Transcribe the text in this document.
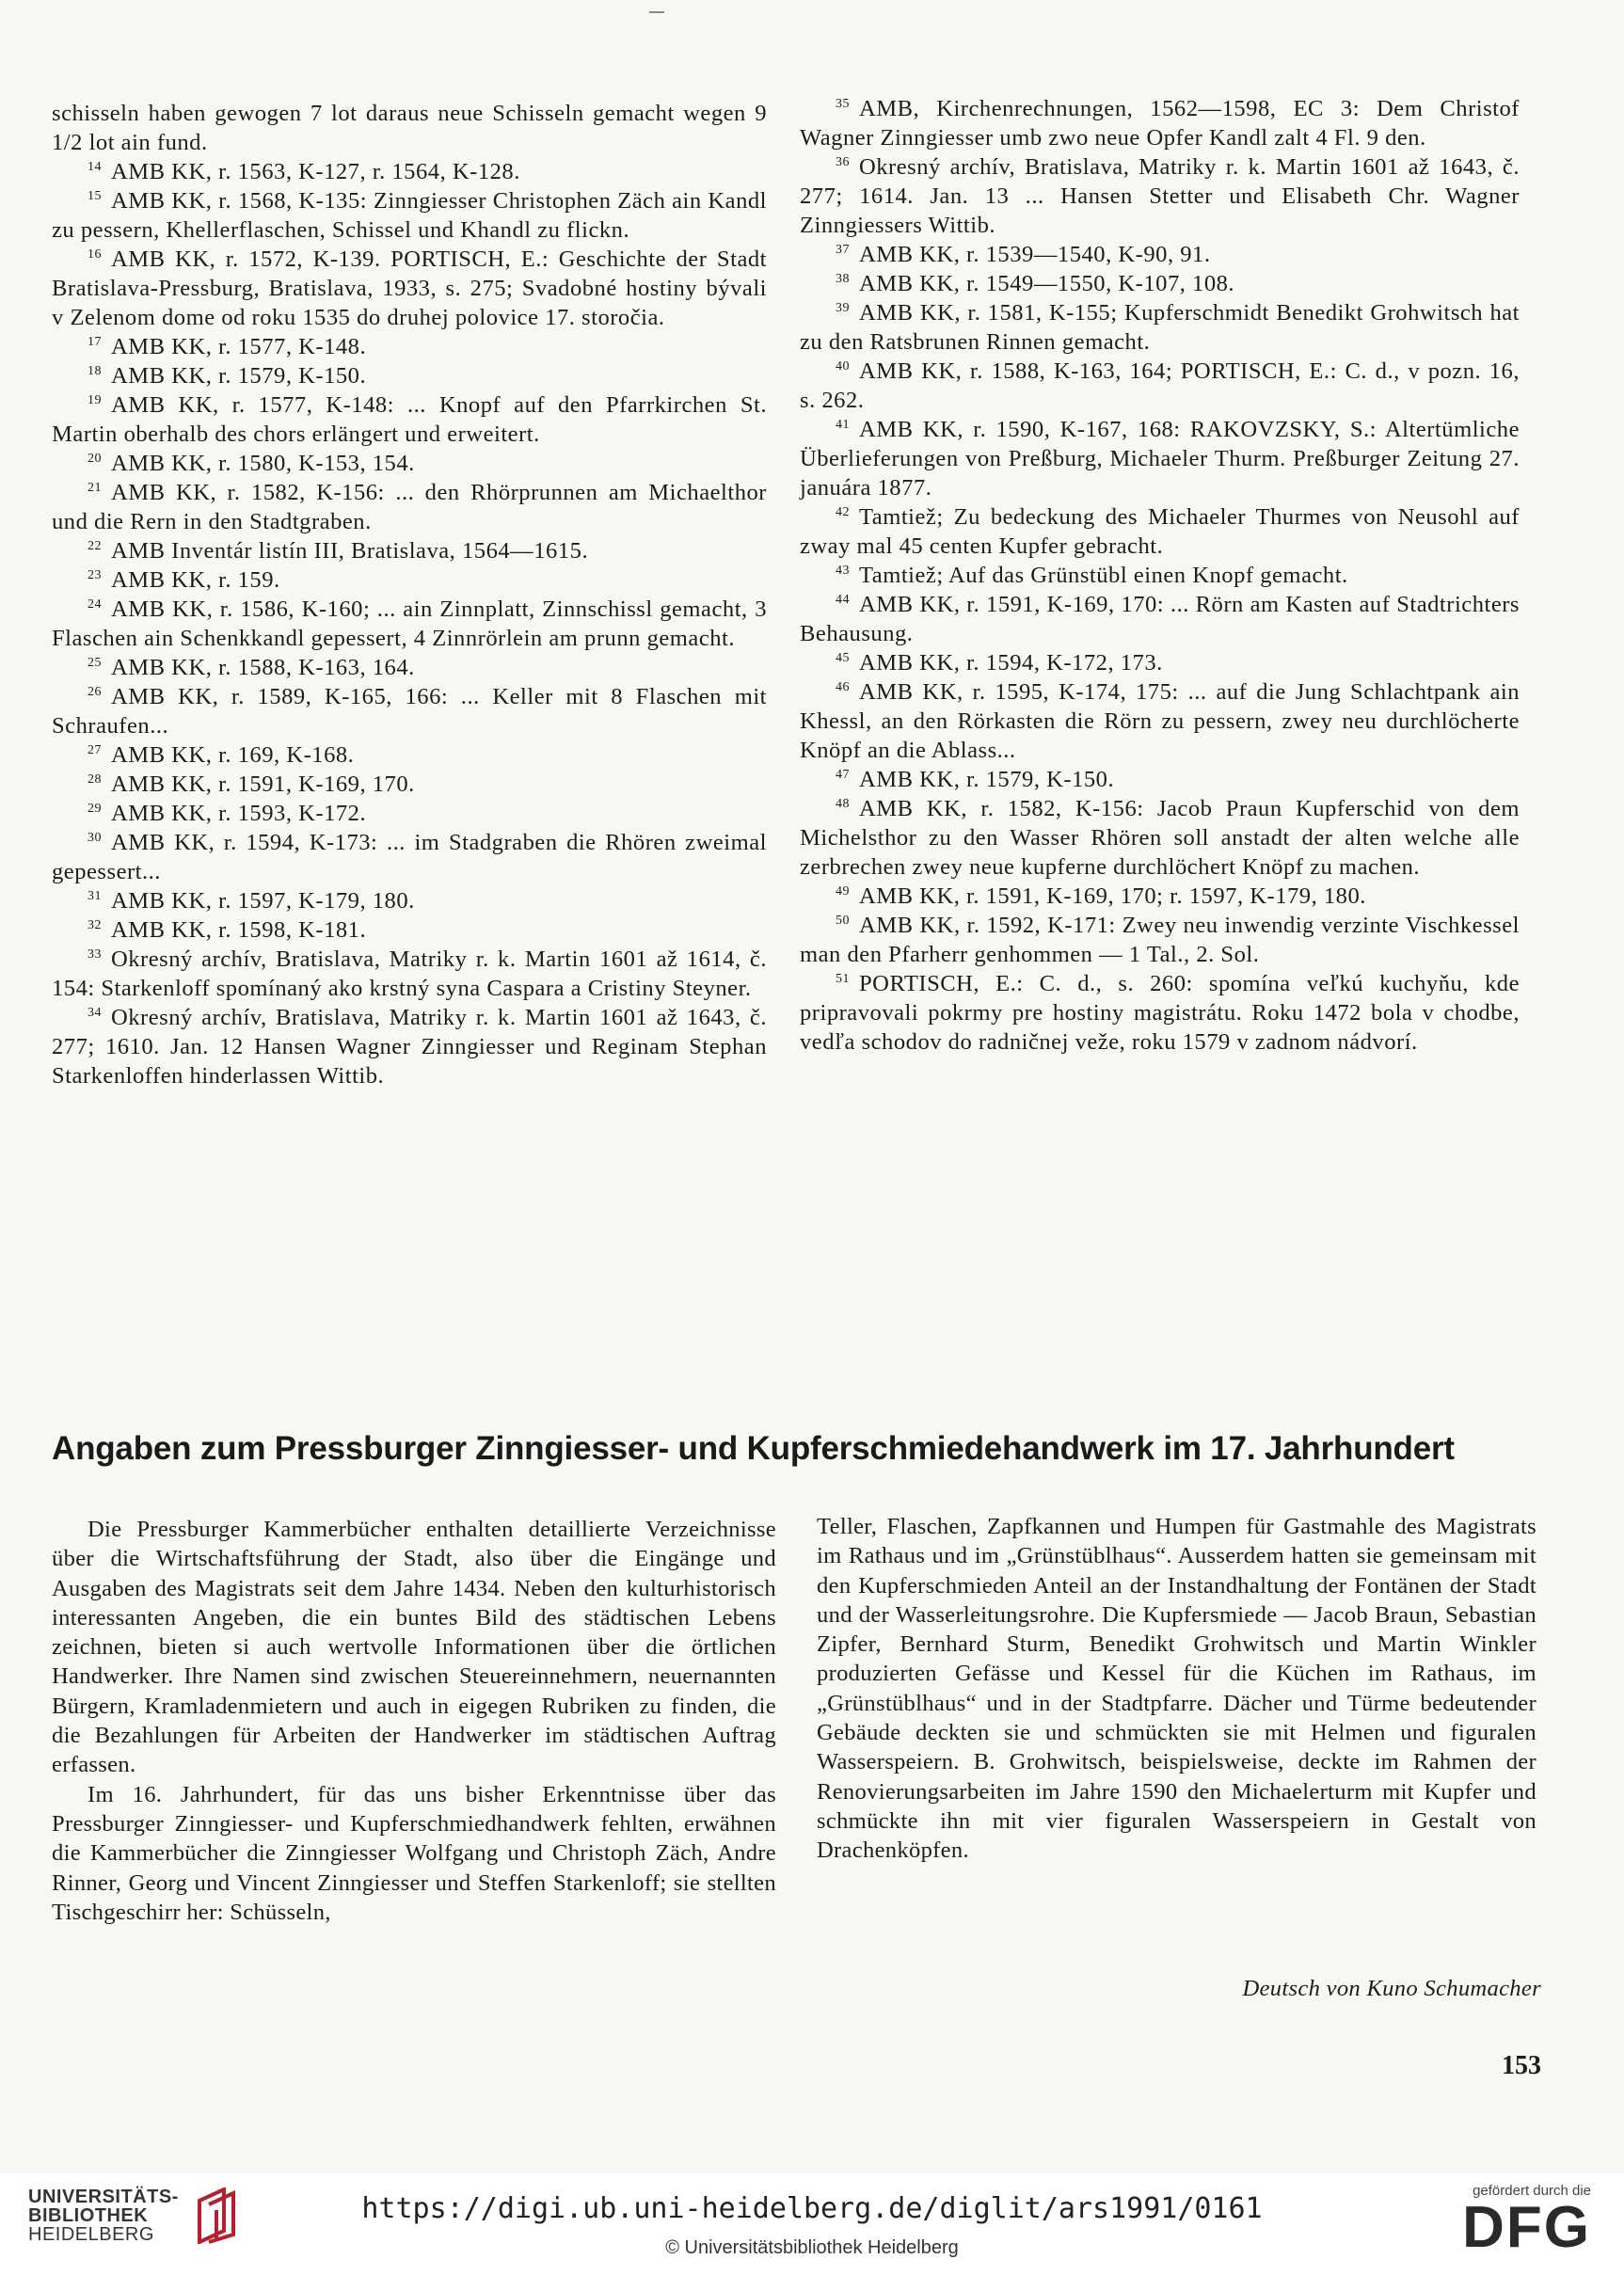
schisseln haben gewogen 7 lot daraus neue Schisseln gemacht wegen 9 1/2 lot ain fund.
$^{14}$ AMB KK, r. 1563, K-127, r. 1564, K-128.
$^{15}$ AMB KK, r. 1568, K-135: Zinngiesser Christophen Zäch ain Kandl zu pessern, Khellerflaschen, Schissel und Khandl zu flickn.
$^{16}$ AMB KK, r. 1572, K-139. PORTISCH, E.: Geschichte der Stadt Bratislava-Pressburg, Bratislava, 1933, s. 275; Svadobné hostiny bývali v Zelenom dome od roku 1535 do druhej polovice 17. storočia.
$^{17}$ AMB KK, r. 1577, K-148.
$^{18}$ AMB KK, r. 1579, K-150.
$^{19}$ AMB KK, r. 1577, K-148: ... Knopf auf den Pfarrkirchen St. Martin oberhalb des chors erlängert und erweitert.
$^{20}$ AMB KK, r. 1580, K-153, 154.
$^{21}$ AMB KK, r. 1582, K-156: ... den Rhörprunnen am Michaelthor und die Rern in den Stadtgraben.
$^{22}$ AMB Inventár listín III, Bratislava, 1564—1615.
$^{23}$ AMB KK, r. 159.
$^{24}$ AMB KK, r. 1586, K-160; ... ain Zinnplatt, Zinnschissl gemacht, 3 Flaschen ain Schenkkandl gepessert, 4 Zinnrörlein am prunn gemacht.
$^{25}$ AMB KK, r. 1588, K-163, 164.
$^{26}$ AMB KK, r. 1589, K-165, 166: ... Keller mit 8 Flaschen mit Schraufen...
$^{27}$ AMB KK, r. 169, K-168.
$^{28}$ AMB KK, r. 1591, K-169, 170.
$^{29}$ AMB KK, r. 1593, K-172.
$^{30}$ AMB KK, r. 1594, K-173: ... im Stadgraben die Rhören zweimal gepessert...
$^{31}$ AMB KK, r. 1597, K-179, 180.
$^{32}$ AMB KK, r. 1598, K-181.
$^{33}$ Okresný archív, Bratislava, Matriky r. k. Martin 1601 až 1614, č. 154: Starkenloff spomínaný ako krstný syna Caspara a Cristiny Steyner.
$^{34}$ Okresný archív, Bratislava, Matriky r. k. Martin 1601 až 1643, č. 277; 1610. Jan. 12 Hansen Wagner Zinngiesser und Reginam Stephan Starkenloffen hinderlassen Wittib.
$^{35}$ AMB, Kirchenrechnungen, 1562—1598, EC 3: Dem Christof Wagner Zinngiesser umb zwo neue Opfer Kandl zalt 4 Fl. 9 den.
$^{36}$ Okresný archív, Bratislava, Matriky r. k. Martin 1601 až 1643, č. 277; 1614. Jan. 13 ... Hansen Stetter und Elisabeth Chr. Wagner Zinngiessers Wittib.
$^{37}$ AMB KK, r. 1539—1540, K-90, 91.
$^{38}$ AMB KK, r. 1549—1550, K-107, 108.
$^{39}$ AMB KK, r. 1581, K-155; Kupferschmidt Benedikt Grohwitsch hat zu den Ratsbrunen Rinnen gemacht.
$^{40}$ AMB KK, r. 1588, K-163, 164; PORTISCH, E.: C. d., v pozn. 16, s. 262.
$^{41}$ AMB KK, r. 1590, K-167, 168: RAKOVZSKY, S.: Altertümliche Überlieferungen von Preßburg, Michaeler Thurm. Preßburger Zeitung 27. januára 1877.
$^{42}$ Tamtiež; Zu bedeckung des Michaeler Thurmes von Neusohl auf zway mal 45 centen Kupfer gebracht.
$^{43}$ Tamtiež; Auf das Grünstübl einen Knopf gemacht.
$^{44}$ AMB KK, r. 1591, K-169, 170: ... Rörn am Kasten auf Stadtrichters Behausung.
$^{45}$ AMB KK, r. 1594, K-172, 173.
$^{46}$ AMB KK, r. 1595, K-174, 175: ... auf die Jung Schlachtpank ain Khessl, an den Rörkasten die Rörn zu pessern, zwey neu durchlöcherte Knöpf an die Ablass...
$^{47}$ AMB KK, r. 1579, K-150.
$^{48}$ AMB KK, r. 1582, K-156: Jacob Praun Kupferschid von dem Michelsthor zu den Wasser Rhören soll anstadt der alten welche alle zerbrechen zwey neue kupferne durchlöchert Knöpf zu machen.
$^{49}$ AMB KK, r. 1591, K-169, 170; r. 1597, K-179, 180.
$^{50}$ AMB KK, r. 1592, K-171: Zwey neu inwendig verzinte Vischkessel man den Pfarherr genhommen — 1 Tal., 2. Sol.
$^{51}$ PORTISCH, E.: C. d., s. 260: spomína veľkú kuchyňu, kde pripravovali pokrmy pre hostiny magistrátu. Roku 1472 bola v chodbe, vedľa schodov do radničnej veže, roku 1579 v zadnom nádvorí.
Angaben zum Pressburger Zinngiesser- und Kupferschmiedehandwerk im 17. Jahrhundert

Die Pressburger Kammerbücher enthalten detaillierte Verzeichnisse über die Wirtschaftsführung der Stadt, also über die Eingänge und Ausgaben des Magistrats seit dem Jahre 1434. Neben den kulturhistorisch interessanten Angeben, die ein buntes Bild des städtischen Lebens zeichnen, bieten si auch wertvolle Informationen über die örtlichen Handwerker. Ihre Namen sind zwischen Steuereinnehmern, neuernannten Bürgern, Kramladenmietern und auch in eigegen Rubriken zu finden, die die Bezahlungen für Arbeiten der Handwerker im städtischen Auftrag erfassen.

Im 16. Jahrhundert, für das uns bisher Erkenntnisse über das Pressburger Zinngiesser- und Kupferschmiedhandwerk fehlten, erwähnen die Kammerbücher die Zinngiesser Wolfgang und Christoph Zäch, Andre Rinner, Georg und Vincent Zinngiesser und Steffen Starkenloff; sie stellten Tischgeschirr her: Schüsseln,

Teller, Flaschen, Zapfkannen und Humpen für Gastmahle des Magistrats im Rathaus und im „Grünstüblhaus“. Ausserdem hatten sie gemeinsam mit den Kupferschmieden Anteil an der Instandhaltung der Fontänen der Stadt und der Wasserleitungsrohre. Die Kupfersmiede — Jacob Braun, Sebastian Zipfer, Bernhard Sturm, Benedikt Grohwitsch und Martin Winkler produzierten Gefässe und Kessel für die Küchen im Rathaus, im „Grünstüblhaus“ und in der Stadtpfarre. Dächer und Türme bedeutender Gebäude deckten sie und schmückten sie mit Helmen und figuralen Wasserspeiern. B. Grohwitsch, beispielsweise, deckte im Rahmen der Renovierungsarbeiten im Jahre 1590 den Michaelerturm mit Kupfer und schmückte ihn mit vier figuralen Wasserspeiern in Gestalt von Drachenköpfen.

Deutsch von Kuno Schumacher
153
UNIVERSITÄTS-
BIBLIOTHEK
HEIDELBERG
https://digi.ub.uni-heidelberg.de/diglit/ars1991/0161
© Universitätsbibliothek Heidelberg
gefördert durch die
DFG
